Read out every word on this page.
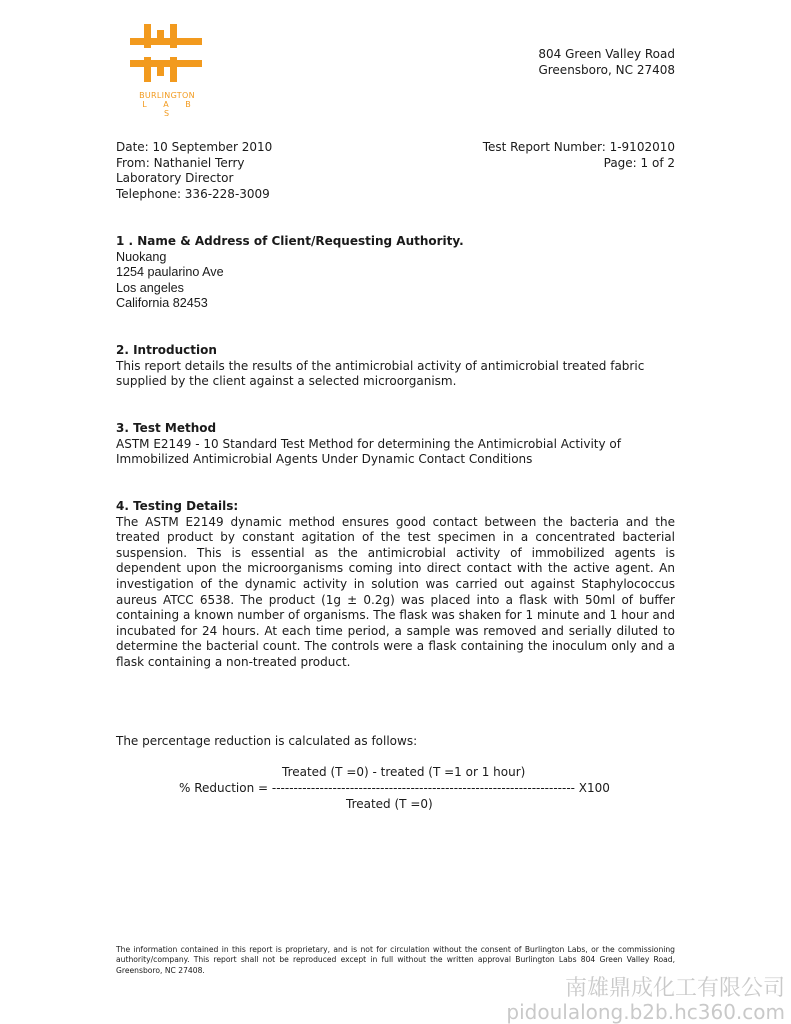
BURLINGTON
L A B S
804 Green Valley Road
Greensboro, NC 27408
Date: 10 September 2010
From: Nathaniel Terry
Laboratory Director
Telephone: 336-228-3009
Test Report Number: 1-9102010
Page: 1 of 2
1 . Name & Address of Client/Requesting Authority.
Nuokang
1254 paularino Ave
Los angeles
California 82453
2. Introduction
This report details the results of the antimicrobial activity of antimicrobial treated fabric supplied by the client against a selected microorganism.
3. Test Method
ASTM E2149 - 10 Standard Test Method for determining the Antimicrobial Activity of Immobilized Antimicrobial Agents Under Dynamic Contact Conditions
4. Testing Details:
The ASTM E2149 dynamic method ensures good contact between the bacteria and the treated product by constant agitation of the test specimen in a concentrated bacterial suspension. This is essential as the antimicrobial activity of immobilized agents is dependent upon the microorganisms coming into direct contact with the active agent. An investigation of the dynamic activity in solution was carried out against Staphylococcus aureus ATCC 6538. The product (1g ± 0.2g) was placed into a flask with 50ml of buffer containing a known number of organisms. The flask was shaken for 1 minute and 1 hour and incubated for 24 hours. At each time period, a sample was removed and serially diluted to determine the bacterial count. The controls were a flask containing the inoculum only and a flask containing a non-treated product.
The percentage reduction is calculated as follows:
Treated (T =0) - treated (T =1 or 1 hour)
% Reduction = ---------------------------------------------------------------------- X100
Treated (T =0)
The information contained in this report is proprietary, and is not for circulation without the consent of Burlington Labs, or the commissioning authority/company. This report shall not be reproduced except in full without the written approval Burlington Labs 804 Green Valley Road, Greensboro, NC 27408.
南雄鼎成化工有限公司
pidoulalong.b2b.hc360.com
